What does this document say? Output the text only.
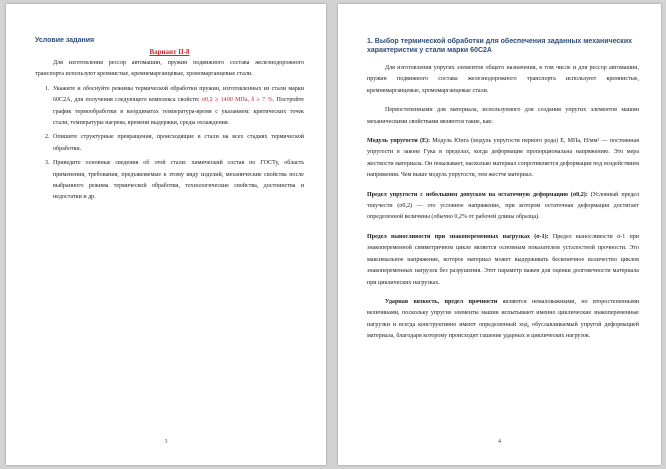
Условие задания
Вариант II-8

Для изготовления рессор автомашин, пружин подвижного состава железнодорожного транспорта используют кремнистые, кремнемарганцевые, хромомарганцевые стали.

1. Укажите и обоснуйте режимы термической обработки пружин, изготовленных из стали марки 60С2А, для получения следующего комплекса свойств: σ0,2 ≥ 1400 МПа, δ ≥ 7 %. Постройте график термообработки в координатах температура-время с указанием: критических точек стали, температуры нагрева, времени выдержки, среды охлаждения.
2. Опишите структурные превращения, происходящие в стали на всех стадиях термической обработки.
3. Приведите основные сведения об этой стали: химический состав по ГОСТу, область применения, требования, предъявляемые к этому виду изделий, механические свойства после выбранного режима термической обработки, технологические свойства, достоинства и недостатки и др.
3
1. Выбор термической обработки для обеспечения заданных механических характеристик у стали марки 60С2А

Для изготовления упругих элементов общего назначения, в том числе и для рессор автомашин, пружин подвижного состава железнодорожного транспорта используют кремнистые, кремнемарганцевые, хромомарганцевые стали.

Первостепенными для материала, используемого для создания упругих элементов машин механическими свойствами являются такие, как:

Модуль упругости (E): Модуль Юнга (модуль упругости первого рода) E, МПа, Н/мм² — постоянная упругости в законе Гука в пределах, когда деформация пропорциональна напряжению. Это мера жесткости материала. Он показывает, насколько материал сопротивляется деформации под воздействием напряжения. Чем выше модуль упругости, тем жестче материал.

Предел упругости с небольшим допуском на остаточную деформацию (σ0,2): (Условный предел текучести (σ0,2) — это условное напряжение, при котором остаточная деформация достигает определенной величины (обычно 0,2% от рабочей длины образца).

Предел выносливости при знакопеременных нагрузках (σ-1): Предел выносливости σ-1 при знакопеременной симметричном цикле является основным показателем усталостной прочности. Это максимальное напряжение, которое материал может выдерживать бесконечное количество циклов знакопеременных нагрузок без разрушения. Этот параметр важен для оценки долговечности материала при циклических нагрузках.

Ударная вязкость, предел прочности являются немаловажными, но второстепенными величинами, поскольку упругие элементы машин испытывают именно циклические знакопеременные нагрузки и всегда конструктивно имеют определенный ход, обуславливаемый упругой деформацией материала, благодаря которому происходит гашение ударных и циклических нагрузок.

4
